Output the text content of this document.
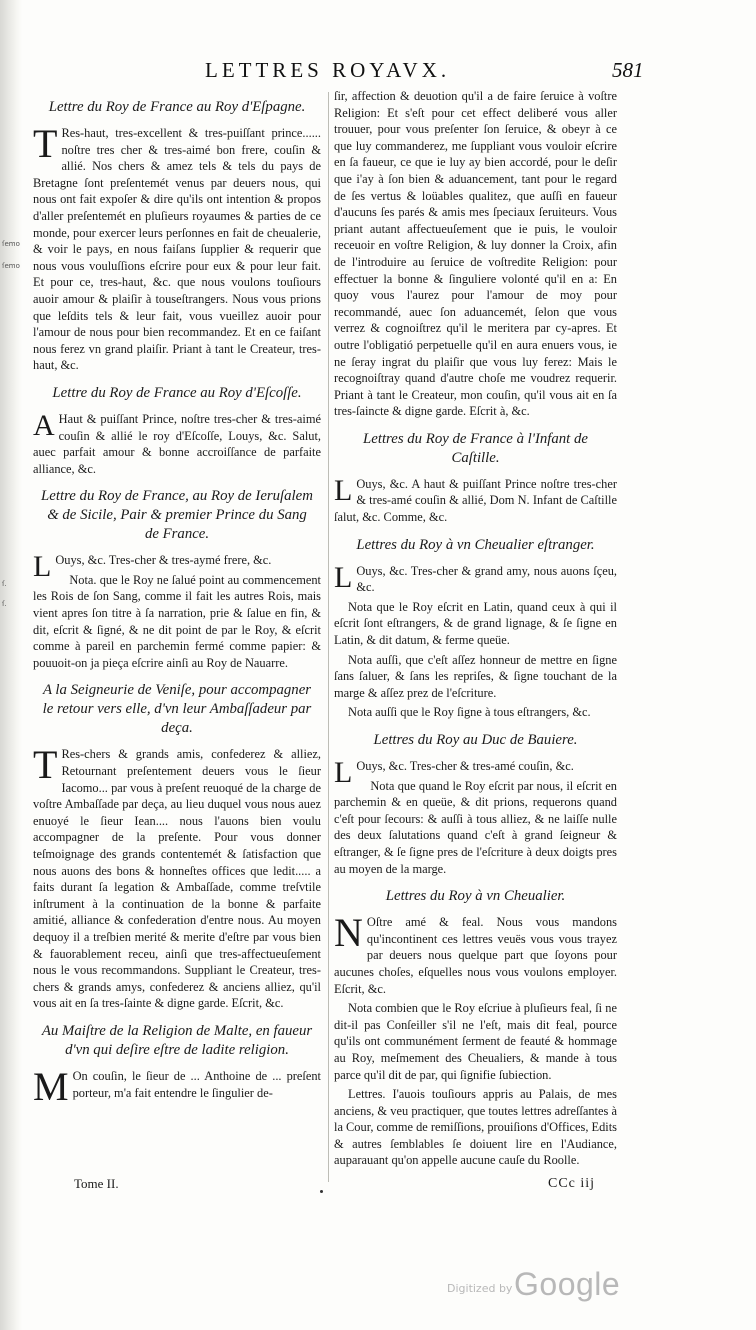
ſemo
ſemo
ſ.
ſ.
LETTRES ROYAVX.	581
Lettre du Roy de France au Roy d'Eſpagne.

T Res-haut, tres-excellent & tres-puiſſant prince...... noſtre tres cher & tres-aimé bon frere, couſin & allié. Nos chers & amez tels & tels du pays de Bretagne ſont preſentemét venus par deuers nous, qui nous ont fait expoſer & dire qu'ils ont intention & propos d'aller preſentemét en pluſieurs royaumes & parties de ce monde, pour exercer leurs perſonnes en fait de cheualerie, & voir le pays, en nous faiſans ſupplier & requerir que nous vous vouluſſions eſcrire pour eux & pour leur fait. Et pour ce, tres-haut, &c. que nous voulons touſiours auoir amour & plaiſir à touseſtrangers. Nous vous prions que leſdits tels & leur fait, vous vueillez auoir pour l'amour de nous pour bien recommandez. Et en ce faiſant nous ferez vn grand plaiſir. Priant à tant le Createur, tres-haut, &c.

Lettre du Roy de France au Roy d'Eſcoſſe.

A Haut & puiſſant Prince, noſtre tres-cher & tres-aimé couſin & allié le roy d'Eſcoſſe, Louys, &c. Salut, auec parfait amour & bonne accroiſſance de parfaite alliance, &c.

Lettre du Roy de France, au Roy de Ieruſalem & de Sicile, Pair & premier Prince du Sang de France.

L Ouys, &c. Tres-cher & tres-aymé frere, &c.

Nota. que le Roy ne ſalué point au commencement les Rois de ſon Sang, comme il fait les autres Rois, mais vient apres ſon titre à ſa narration, prie & ſalue en fin, & dit, eſcrit & ſigné, & ne dit point de par le Roy, & eſcrit comme à pareil en parchemin fermé comme papier: & pouuoit-on ja pieça eſcrire ainſi au Roy de Nauarre.

A la Seigneurie de Veniſe, pour accompagner le retour vers elle, d'vn leur Ambaſſadeur par deça.

T Res-chers & grands amis, confederez & alliez, Retournant preſentement deuers vous le ſieur Iacomo... par vous à preſent reuoqué de la charge de voſtre Ambaſſade par deça, au lieu duquel vous nous auez enuoyé le ſieur Iean.... nous l'auons bien voulu accompagner de la preſente. Pour vous donner teſmoignage des grands contentemét & ſatisfaction que nous auons des bons & honneſtes offices que ledit..... a faits durant ſa legation & Ambaſſade, comme treſvtile inſtrument à la continuation de la bonne & parfaite amitié, alliance & confederation d'entre nous. Au moyen dequoy il a treſbien merité & merite d'eſtre par vous bien & fauorablement receu, ainſi que tres-affectueuſement nous le vous recommandons. Suppliant le Createur, tres-chers & grands amys, confederez & anciens alliez, qu'il vous ait en ſa tres-ſainte & digne garde. Eſcrit, &c.

Au Maiſtre de la Religion de Malte, en faueur d'vn qui deſire eſtre de ladite religion.

M On couſin, le ſieur de ... Anthoine de ... preſent porteur, m'a fait entendre le ſingulier de-

ſir, affection & deuotion qu'il a de faire ſeruice à voſtre Religion: Et s'eſt pour cet effect deliberé vous aller trouuer, pour vous preſenter ſon ſeruice, & obeyr à ce que luy commanderez, me ſuppliant vous vouloir eſcrire en ſa faueur, ce que ie luy ay bien accordé, pour le deſir que i'ay à ſon bien & aduancement, tant pour le regard de ſes vertus & loüables qualitez, que auſſi en faueur d'aucuns ſes parés & amis mes ſpeciaux ſeruiteurs. Vous priant autant affectueuſement que ie puis, le vouloir receuoir en voſtre Religion, & luy donner la Croix, afin de l'introduire au ſeruice de voſtredite Religion: pour effectuer la bonne & ſinguliere volonté qu'il en a: En quoy vous l'aurez pour l'amour de moy pour recommandé, auec ſon aduancemét, ſelon que vous verrez & cognoiſtrez qu'il le meritera par cy-apres. Et outre l'obligatió perpetuelle qu'il en aura enuers vous, ie ne ſeray ingrat du plaiſir que vous luy ferez: Mais le recognoiſtray quand d'autre choſe me voudrez requerir. Priant à tant le Createur, mon couſin, qu'il vous ait en ſa tres-ſaincte & digne garde. Eſcrit à, &c.

Lettres du Roy de France à l'Infant de Caſtille.

L Ouys, &c. A haut & puiſſant Prince noſtre tres-cher & tres-amé couſin & allié, Dom N. Infant de Caſtille ſalut, &c. Comme, &c.

Lettres du Roy à vn Cheualier eſtranger.

L Ouys, &c. Tres-cher & grand amy, nous auons ſçeu, &c.

Nota que le Roy eſcrit en Latin, quand ceux à qui il eſcrit ſont eſtrangers, & de grand lignage, & ſe ſigne en Latin, & dit datum, & ferme queüe.

Nota auſſi, que c'eſt aſſez honneur de mettre en ſigne ſans ſaluer, & ſans les repriſes, & ſigne touchant de la marge & aſſez prez de l'eſcriture.

Nota auſſi que le Roy ſigne à tous eſtrangers, &c.

Lettres du Roy au Duc de Bauiere.

L Ouys, &c. Tres-cher & tres-amé couſin, &c.

Nota que quand le Roy eſcrit par nous, il eſcrit en parchemin & en queüe, & dit prions, requerons quand c'eſt pour ſecours: & auſſi à tous alliez, & ne laiſſe nulle des deux ſalutations quand c'eſt à grand ſeigneur & eſtranger, & ſe ſigne pres de l'eſcriture à deux doigts pres au moyen de la marge.

Lettres du Roy à vn Cheualier.

N Oſtre amé & feal. Nous vous mandons qu'incontinent ces lettres veuës vous vous trayez par deuers nous quelque part que ſoyons pour aucunes choſes, eſquelles nous vous voulons employer. Eſcrit, &c.

Nota combien que le Roy eſcriue à pluſieurs feal, ſi ne dit-il pas Conſeiller s'il ne l'eſt, mais dit feal, pource qu'ils ont communément ſerment de feauté & hommage au Roy, meſmement des Cheualiers, & mande à tous parce qu'il dit de par, qui ſignifie ſubiection.

Lettres. I'auois touſiours appris au Palais, de mes anciens, & veu practiquer, que toutes lettres adreſſantes à la Cour, comme de remiſſions, prouiſions d'Offices, Edits & autres ſemblables ſe doiuent lire en l'Audiance, auparauant qu'on appelle aucune cauſe du Roolle.

Tome II.	CCc iij
Digitized by Google
